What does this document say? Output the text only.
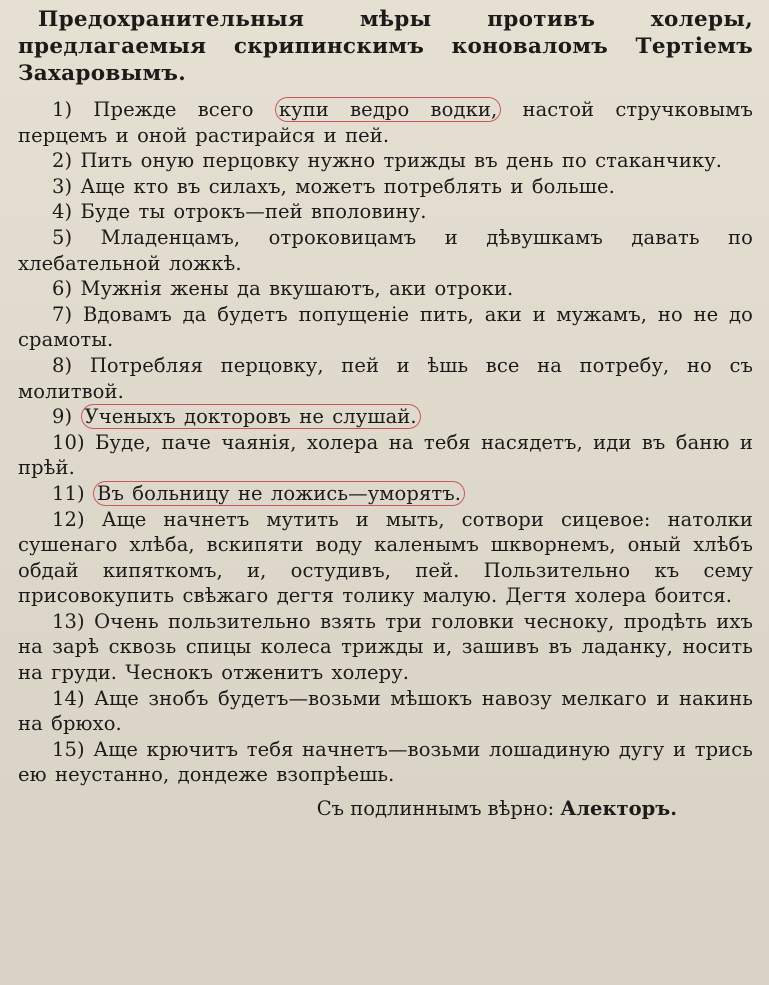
Предохранительныя мѣры противъ холеры, предлагаемыя скрипинскимъ коноваломъ Тертіемъ Захаровымъ.

1) Прежде всего купи ведро водки, настой стручковымъ перцемъ и оной растирайся и пей.

2) Пить оную перцовку нужно трижды въ день по стаканчику.

3) Аще кто въ силахъ, можетъ потреблять и больше.

4) Буде ты отрокъ—пей вполовину.

5) Младенцамъ, отроковицамъ и дѣвушкамъ давать по хлебательной ложкѣ.

6) Мужнія жены да вкушаютъ, аки отроки.

7) Вдовамъ да будетъ попущеніе пить, аки и мужамъ, но не до срамоты.

8) Потребляя перцовку, пей и ѣшь все на потребу, но съ молитвой.

9) Ученыхъ докторовъ не слушай.

10) Буде, паче чаянія, холера на тебя насядетъ, иди въ баню и прѣй.

11) Въ больницу не ложись—уморятъ.

12) Аще начнетъ мутить и мыть, сотвори сицевое: натолки сушенаго хлѣба, вскипяти воду каленымъ шкворнемъ, оный хлѣбъ обдай кипяткомъ, и, остудивъ, пей. Пользительно къ сему присовокупить свѣжаго дегтя толику малую. Дегтя холера боится.

13) Очень пользительно взять три головки чесноку, продѣть ихъ на зарѣ сквозь спицы колеса трижды и, зашивъ въ ладанку, носить на груди. Чеснокъ отженитъ холеру.

14) Аще знобъ будетъ—возьми мѣшокъ навозу мелкаго и накинь на брюхо.

15) Аще крючитъ тебя начнетъ—возьми лошадиную дугу и трись ею неустанно, дондеже взопрѣешь.

Съ подлиннымъ вѣрно: Алекторъ.
